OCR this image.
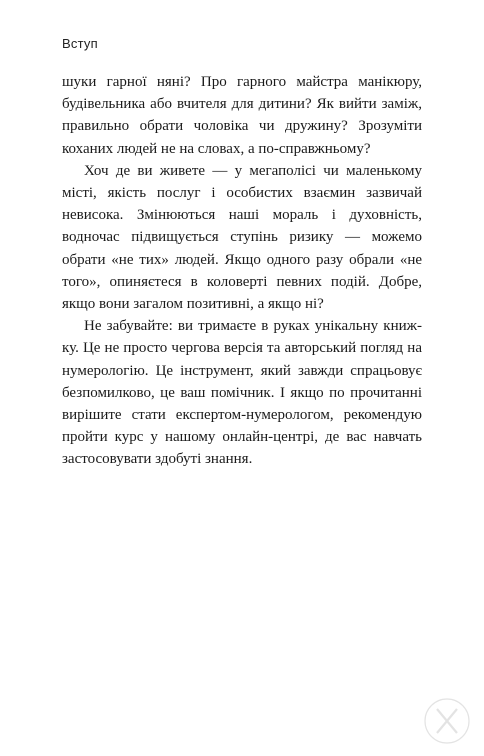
Вступ

шуки гарної няні? Про гарного майстра манікюру, будівельника або вчителя для дитини? Як вийти заміж, правильно обрати чоловіка чи дружину? Зрозуміти коханих людей не на словах, а по-справжньому?

Хоч де ви живете — у мегаполісі чи маленькому місті, якість послуг і особистих взаємин зазвичай невисока. Змінюються наші мораль і духовність, водночас підвищується ступінь ризику — можемо обрати «не тих» людей. Якщо одного разу обрали «не того», опиняєтеся в коловерті певних подій. Добре, якщо вони загалом позитивні, а якщо ні?

Не забувайте: ви тримаєте в руках унікальну книжку. Це не просто чергова версія та авторський погляд на нумерологію. Це інструмент, який завжди спрацьовує безпомилково, це ваш помічник. І якщо по прочитанні вирішите стати експертом-нумерологом, рекомендую пройти курс у нашому онлайн-центрі, де вас навчать застосовувати здобуті знання.
